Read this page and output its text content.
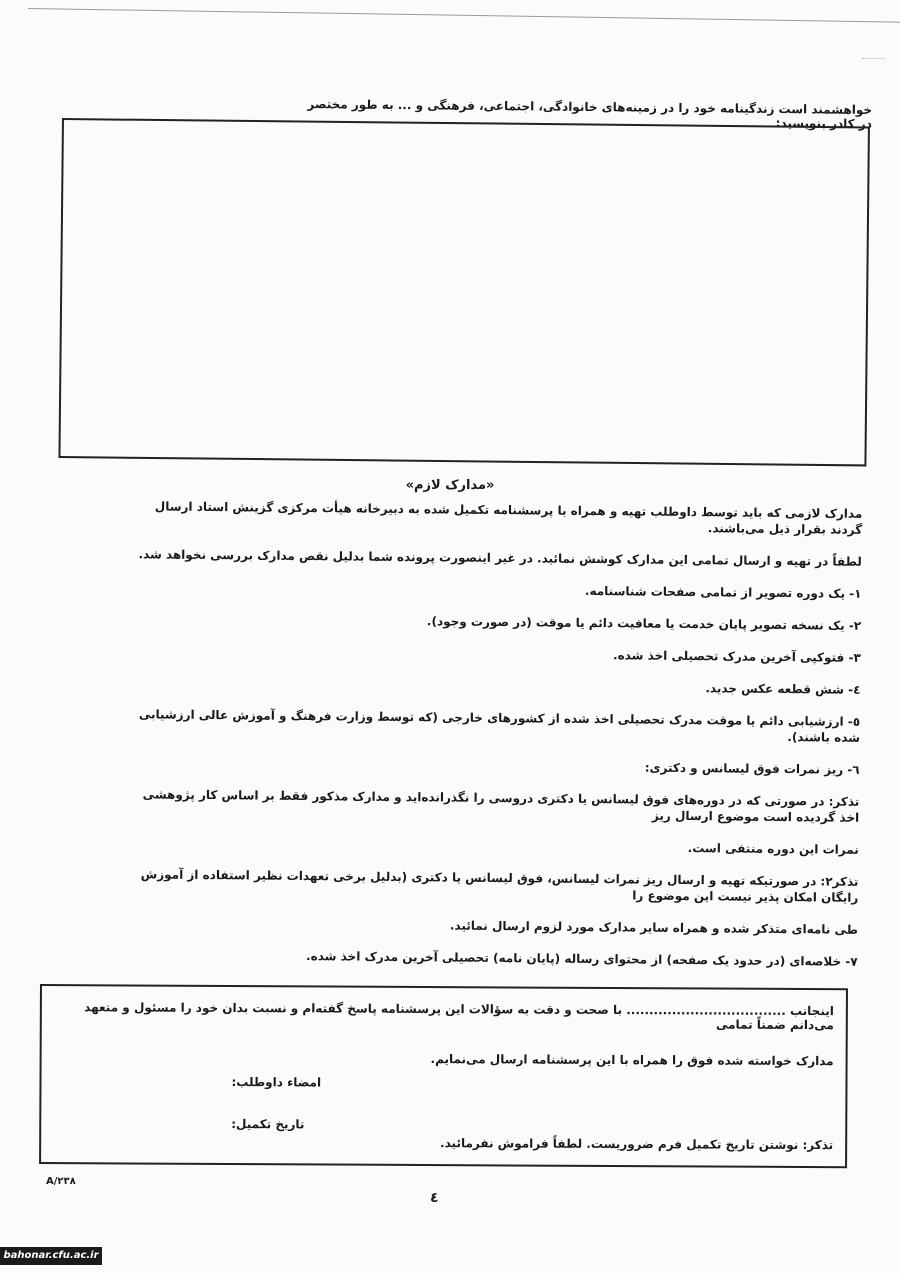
خواهشمند است زندگینامه خود را در زمینه‌های خانوادگی، اجتماعی، فرهنگی و ... به طور مختصر در کادر بنویسید:
«مدارک لازم»

مدارک لازمی که باید توسط داوطلب تهیه و همراه با پرسشنامه تکمیل شده به دبیرخانه هیأت مرکزی گزینش استاد ارسال گردند بقرار ذیل می‌باشند.

لطفاً در تهیه و ارسال تمامی این مدارک کوشش نمائید. در غیر اینصورت پرونده شما بدلیل نقص مدارک بررسی نخواهد شد.

۱- یک دوره تصویر از تمامی صفحات شناسنامه.

۲- یک نسخه تصویر پایان خدمت یا معافیت دائم یا موقت (در صورت وجود).

۳- فتوکپی آخرین مدرک تحصیلی اخذ شده.

٤- شش قطعه عکس جدید.

٥- ارزشیابی دائم یا موقت مدرک تحصیلی اخذ شده از کشورهای خارجی (که توسط وزارت فرهنگ و آموزش عالی ارزشیابی شده باشند).

٦- ریز نمرات فوق لیسانس و دکتری:

تذکر: در صورتی که در دوره‌های فوق لیسانس یا دکتری دروسی را نگذرانده‌اید و مدارک مذکور فقط بر اساس کار پژوهشی اخذ گردیده است موضوع ارسال ریز

نمرات این دوره منتفی است.

تذکر۲: در صورتیکه تهیه و ارسال ریز نمرات لیسانس، فوق لیسانس یا دکتری (بدلیل برخی تعهدات نظیر استفاده از آموزش رایگان امکان پذیر نیست این موضوع را

طی نامه‌ای متذکر شده و همراه سایر مدارک مورد لزوم ارسال نمائید.

۷- خلاصه‌ای (در حدود یک صفحه) از محتوای رساله (پایان نامه) تحصیلی آخرین مدرک اخذ شده.

اینجانب ................................... با صحت و دقت به سؤالات این پرسشنامه پاسخ گفته‌ام و نسبت بدان خود را مسئول و متعهد می‌دانم ضمناً تمامی
مدارک خواسته شده فوق را همراه با این پرسشنامه ارسال می‌نمایم.
امضاء داوطلب:
تاریخ تکمیل:
تذکر: نوشتن تاریخ تکمیل فرم ضروریست. لطفاً فراموش نفرمائید.
A/۲۳۸
٤
bahonar.cfu.ac.ir
